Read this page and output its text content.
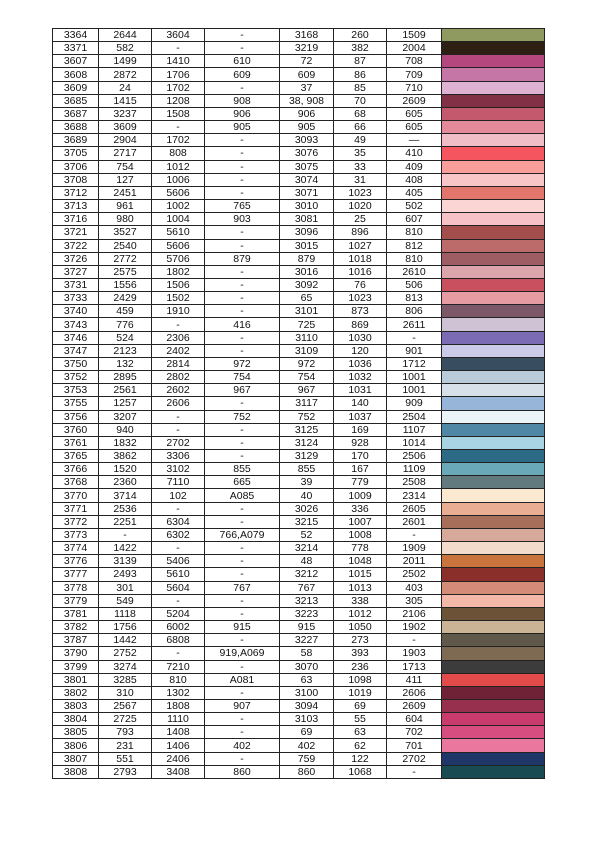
3364	2644	3604	-	3168	260	1509	
3371	582	-	-	3219	382	2004	
3607	1499	1410	610	72	87	708	
3608	2872	1706	609	609	86	709	
3609	24	1702	-	37	85	710	
3685	1415	1208	908	38, 908	70	2609	
3687	3237	1508	906	906	68	605	
3688	3609	-	905	905	66	605	
3689	2904	1702	-	3093	49	—	
3705	2717	808	-	3076	35	410	
3706	754	1012	-	3075	33	409	
3708	127	1006	-	3074	31	408	
3712	2451	5606	-	3071	1023	405	
3713	961	1002	765	3010	1020	502	
3716	980	1004	903	3081	25	607	
3721	3527	5610	-	3096	896	810	
3722	2540	5606	-	3015	1027	812	
3726	2772	5706	879	879	1018	810	
3727	2575	1802	-	3016	1016	2610	
3731	1556	1506	-	3092	76	506	
3733	2429	1502	-	65	1023	813	
3740	459	1910	-	3101	873	806	
3743	776	-	416	725	869	2611	
3746	524	2306	-	3110	1030	-	
3747	2123	2402	-	3109	120	901	
3750	132	2814	972	972	1036	1712	
3752	2895	2802	754	754	1032	1001	
3753	2561	2602	967	967	1031	1001	
3755	1257	2606	-	3117	140	909	
3756	3207	-	752	752	1037	2504	
3760	940	-	-	3125	169	1107	
3761	1832	2702	-	3124	928	1014	
3765	3862	3306	-	3129	170	2506	
3766	1520	3102	855	855	167	1109	
3768	2360	7110	665	39	779	2508	
3770	3714	102	A085	40	1009	2314	
3771	2536	-	-	3026	336	2605	
3772	2251	6304	-	3215	1007	2601	
3773	-	6302	766,A079	52	1008	-	
3774	1422	-	-	3214	778	1909	
3776	3139	5406	-	48	1048	2011	
3777	2493	5610	-	3212	1015	2502	
3778	301	5604	767	767	1013	403	
3779	549	-	-	3213	338	305	
3781	1118	5204	-	3223	1012	2106	
3782	1756	6002	915	915	1050	1902	
3787	1442	6808	-	3227	273	-	
3790	2752	-	919,A069	58	393	1903	
3799	3274	7210	-	3070	236	1713	
3801	3285	810	A081	63	1098	411	
3802	310	1302	-	3100	1019	2606	
3803	2567	1808	907	3094	69	2609	
3804	2725	1110	-	3103	55	604	
3805	793	1408	-	69	63	702	
3806	231	1406	402	402	62	701	
3807	551	2406	-	759	122	2702	
3808	2793	3408	860	860	1068	-	
